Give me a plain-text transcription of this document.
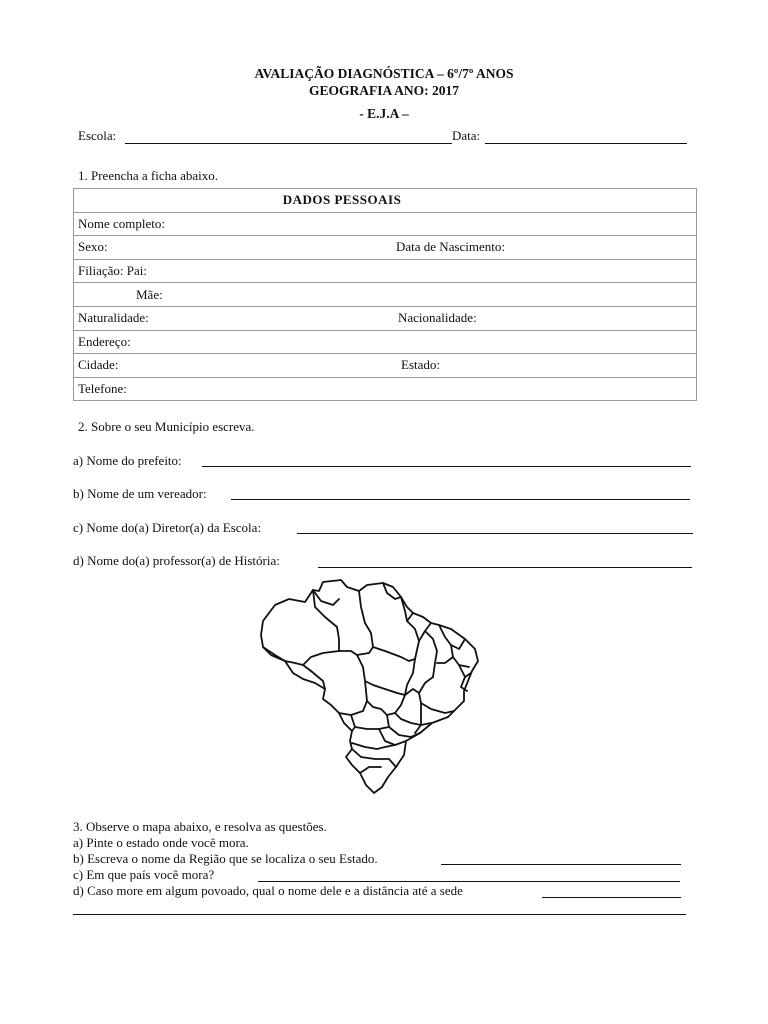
AVALIAÇÃO DIAGNÓSTICA – 6º/7º ANOS
GEOGRAFIA ANO: 2017
- E.J.A –
Escola:	Data:
1. Preencha a ficha abaixo.
DADOS PESSOAIS
Nome completo:

Sexo:	Data de Nascimento:

Filiação: Pai:
Mãe:

Naturalidade:	Nacionalidade:

Endereço:

Cidade:	Estado:

Telefone:
2. Sobre o seu Município escreva.
a) Nome do prefeito:
b) Nome de um vereador:
c) Nome do(a) Diretor(a) da Escola:
d) Nome do(a) professor(a) de História:
3. Observe o mapa abaixo, e resolva as questões.
a) Pinte o estado onde você mora.
b) Escreva o nome da Região que se localiza o seu Estado.
c) Em que país você mora?
d) Caso more em algum povoado, qual o nome dele e a distância até a sede
